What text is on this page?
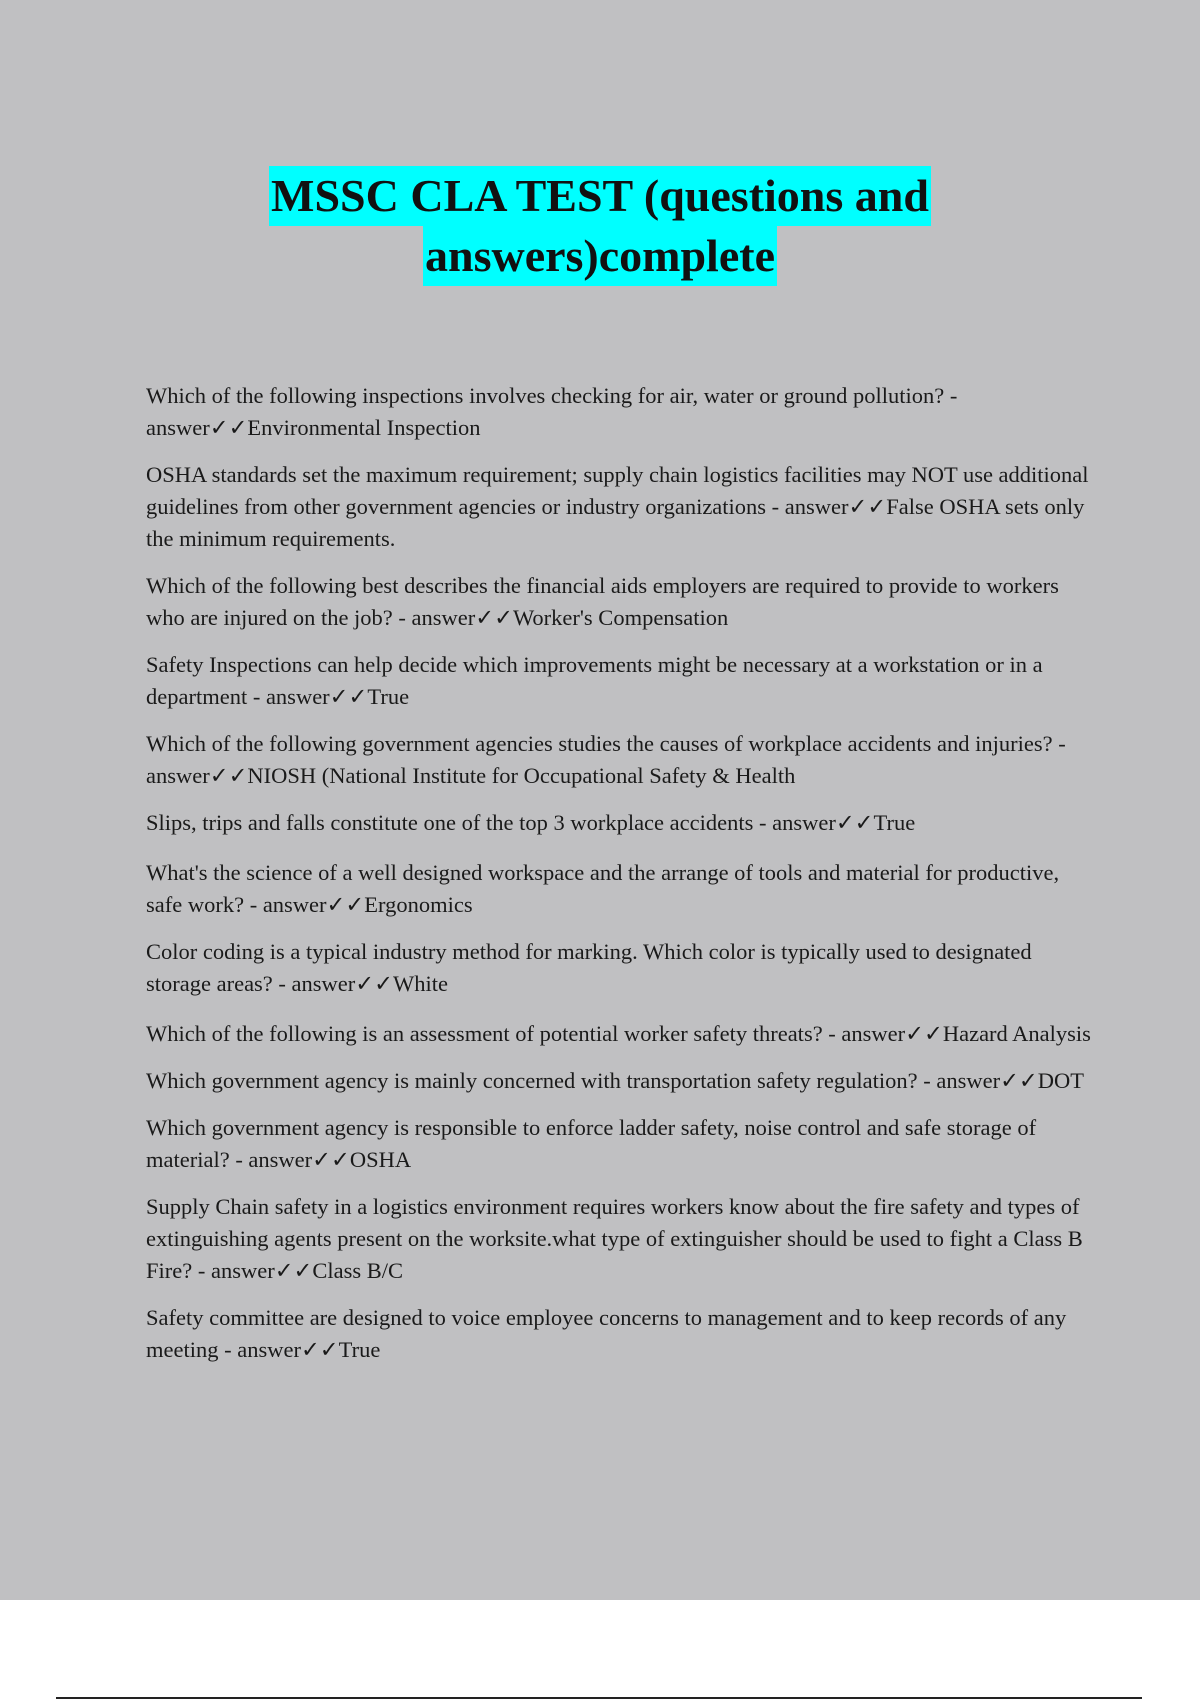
MSSC CLA TEST (questions and
answers)complete

Which of the following inspections involves checking for air, water or ground pollution? - answer✓✓Environmental Inspection

OSHA standards set the maximum requirement; supply chain logistics facilities may NOT use additional guidelines from other government agencies or industry organizations - answer✓✓False OSHA sets only the minimum requirements.

Which of the following best describes the financial aids employers are required to provide to workers who are injured on the job? - answer✓✓Worker's Compensation

Safety Inspections can help decide which improvements might be necessary at a workstation or in a department - answer✓✓True

Which of the following government agencies studies the causes of workplace accidents and injuries? - answer✓✓NIOSH (National Institute for Occupational Safety & Health

Slips, trips and falls constitute one of the top 3 workplace accidents - answer✓✓True

What's the science of a well designed workspace and the arrange of tools and material for productive, safe work? - answer✓✓Ergonomics

Color coding is a typical industry method for marking. Which color is typically used to designated storage areas? - answer✓✓White

Which of the following is an assessment of potential worker safety threats? - answer✓✓Hazard Analysis

Which government agency is mainly concerned with transportation safety regulation? - answer✓✓DOT

Which government agency is responsible to enforce ladder safety, noise control and safe storage of material? - answer✓✓OSHA

Supply Chain safety in a logistics environment requires workers know about the fire safety and types of extinguishing agents present on the worksite.what type of extinguisher should be used to fight a Class B Fire? - answer✓✓Class B/C

Safety committee are designed to voice employee concerns to management and to keep records of any meeting - answer✓✓True
